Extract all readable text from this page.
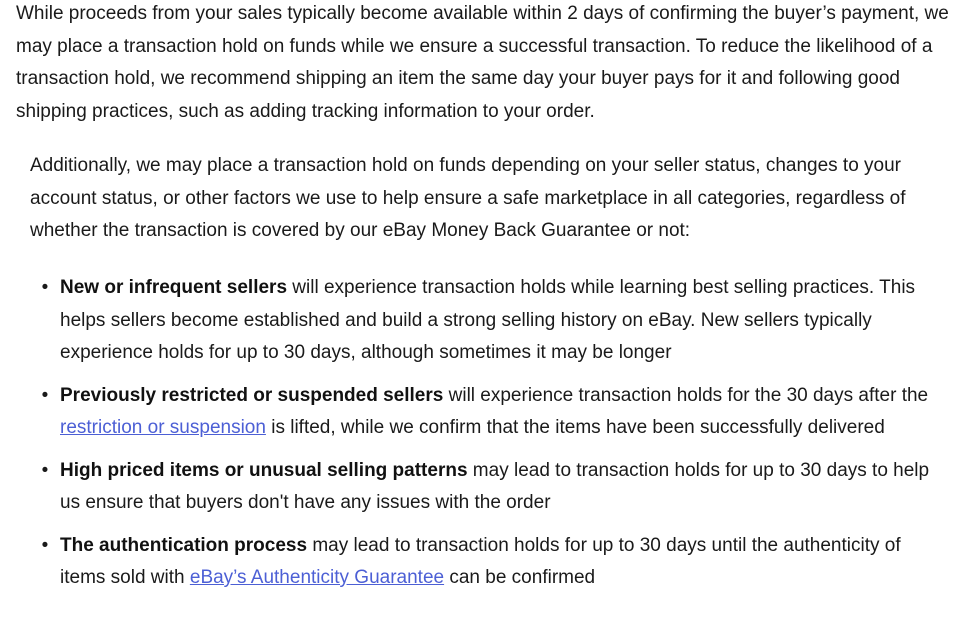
While proceeds from your sales typically become available within 2 days of confirming the buyer’s payment, we may place a transaction hold on funds while we ensure a successful transaction. To reduce the likelihood of a transaction hold, we recommend shipping an item the same day your buyer pays for it and following good shipping practices, such as adding tracking information to your order.

Additionally, we may place a transaction hold on funds depending on your seller status, changes to your account status, or other factors we use to help ensure a safe marketplace in all categories, regardless of whether the transaction is covered by our eBay Money Back Guarantee or not:

• New or infrequent sellers will experience transaction holds while learning best selling practices. This helps sellers become established and build a strong selling history on eBay. New sellers typically experience holds for up to 30 days, although sometimes it may be longer
• Previously restricted or suspended sellers will experience transaction holds for the 30 days after the restriction or suspension is lifted, while we confirm that the items have been successfully delivered
• High priced items or unusual selling patterns may lead to transaction holds for up to 30 days to help us ensure that buyers don't have any issues with the order
• The authentication process may lead to transaction holds for up to 30 days until the authenticity of items sold with eBay’s Authenticity Guarantee can be confirmed
